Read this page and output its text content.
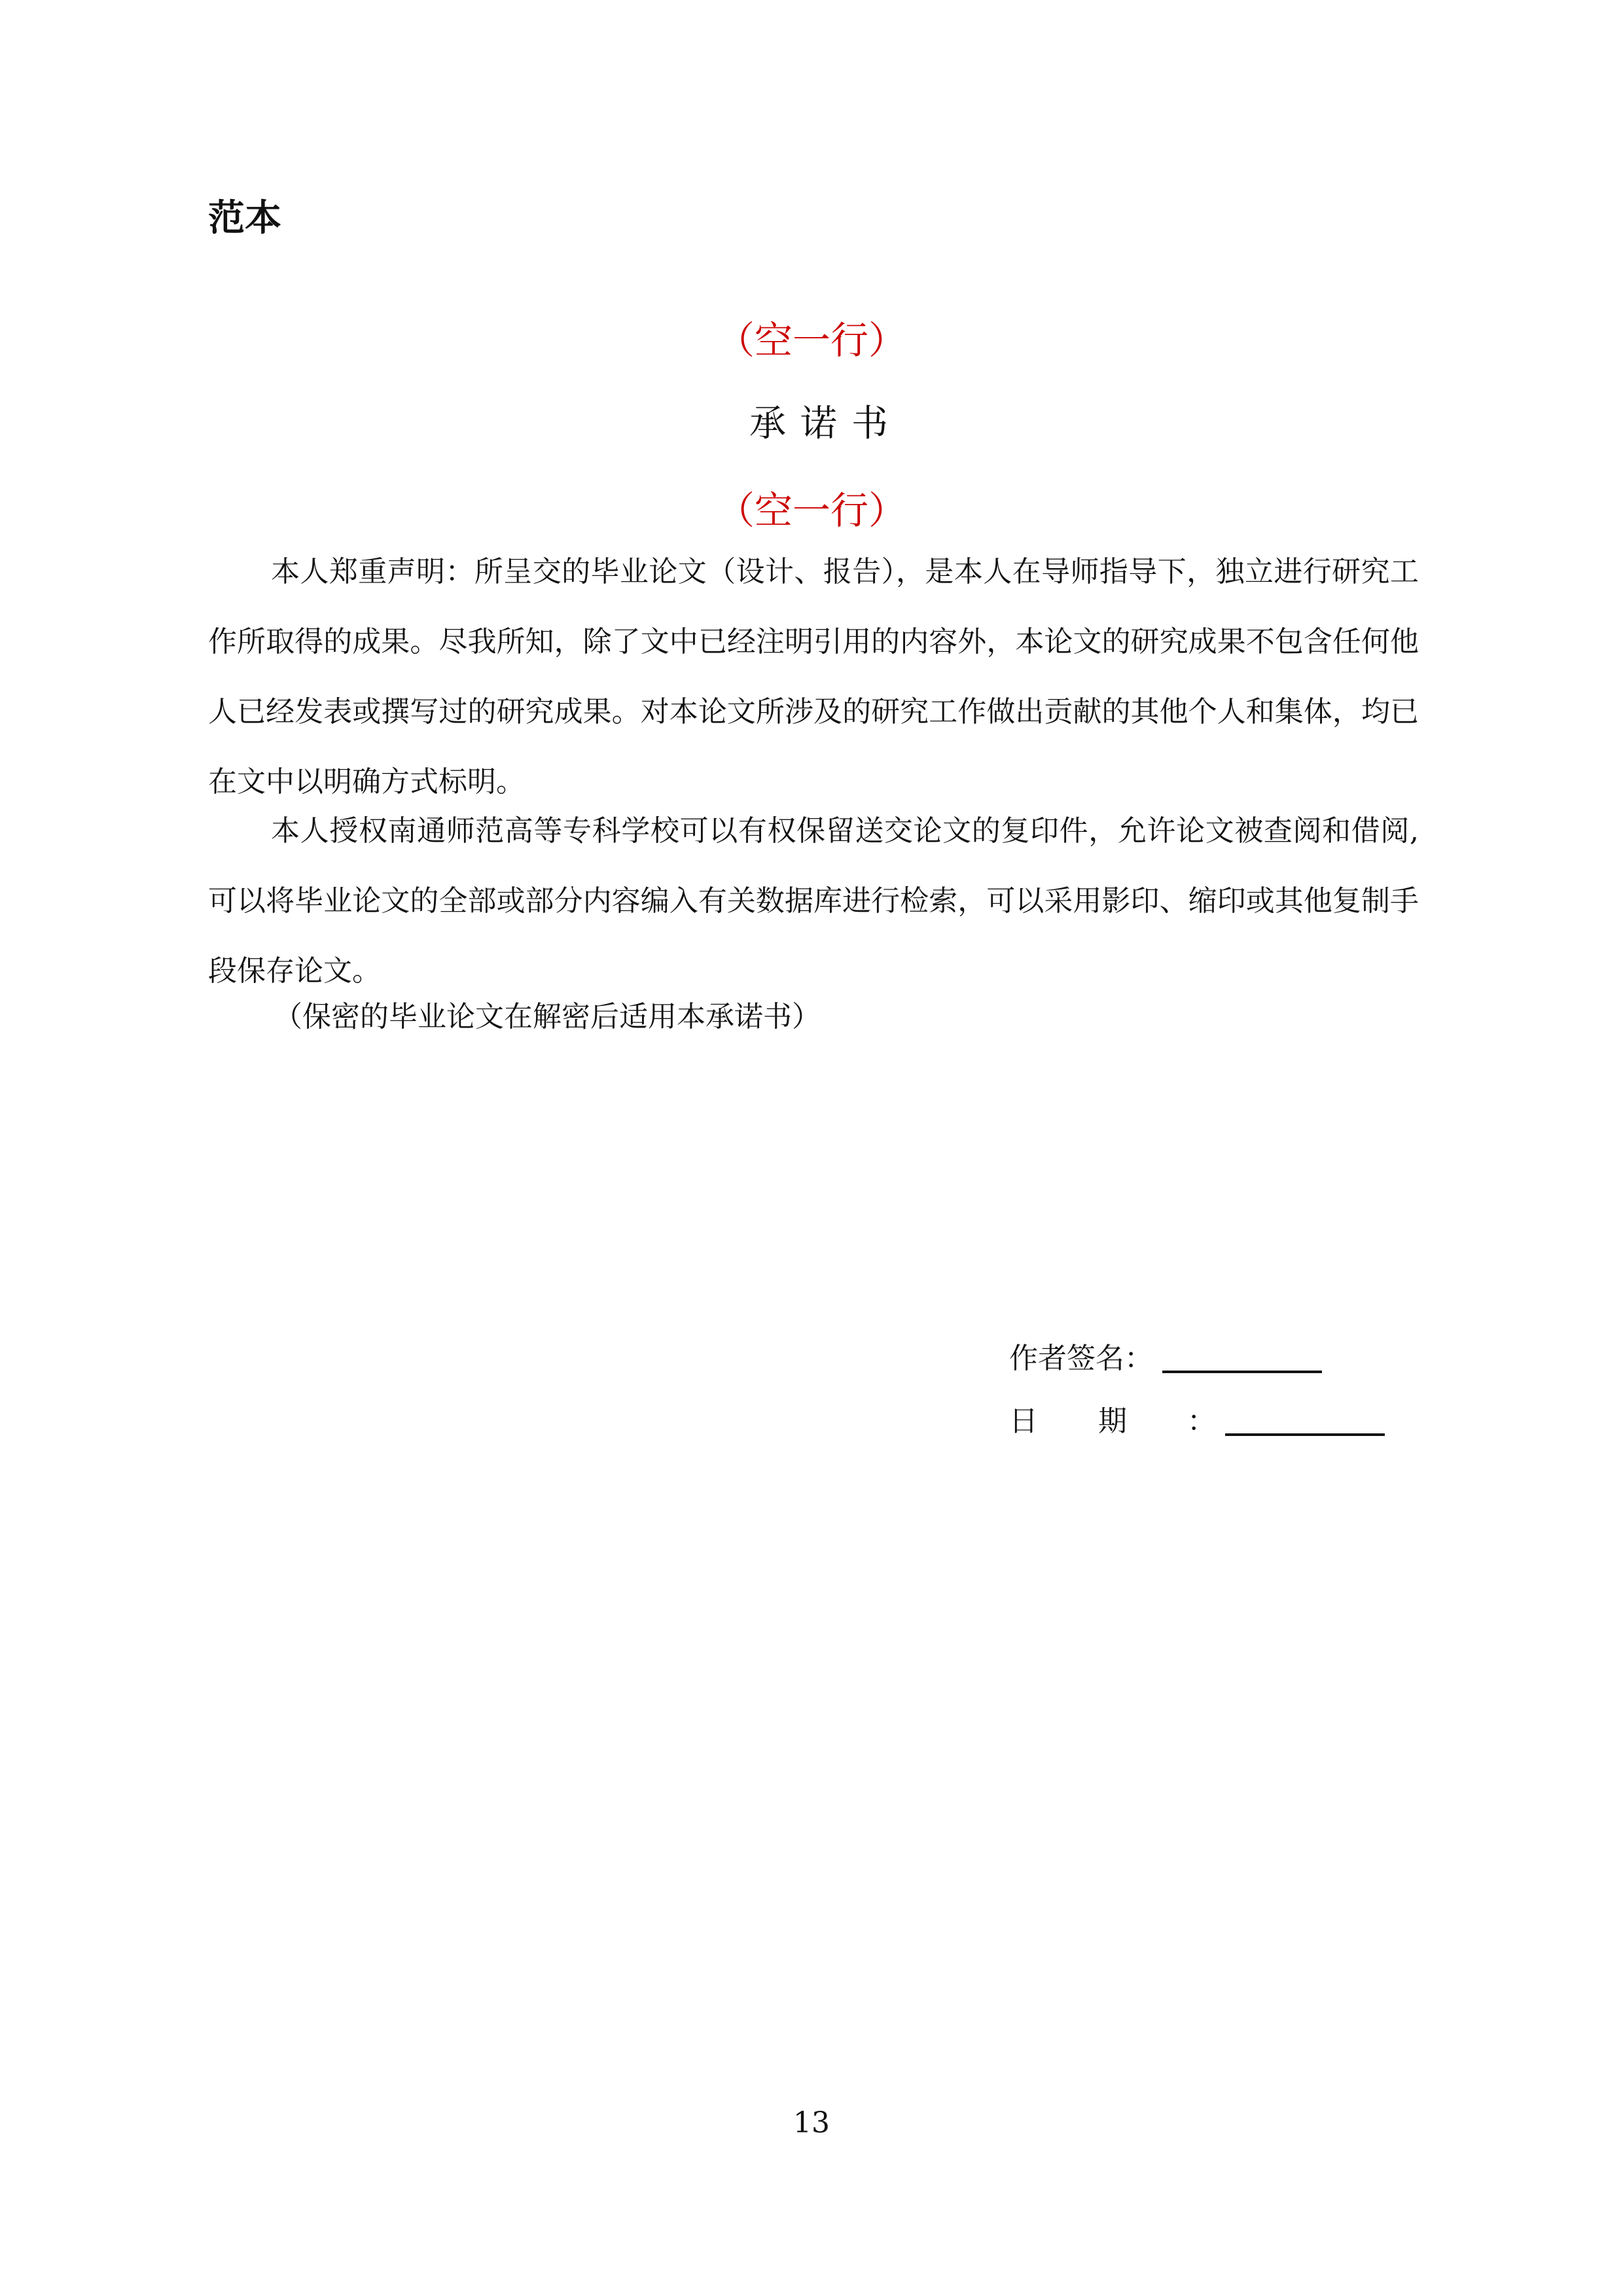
范本
（空一行）
承诺书
（空一行）

本人郑重声明：所呈交的毕业论文（设计、报告），是本人在导师指导下，独立进行研究工作所取得的成果。尽我所知，除了文中已经注明引用的内容外，本论文的研究成果不包含任何他人已经发表或撰写过的研究成果。对本论文所涉及的研究工作做出贡献的其他个人和集体，均已在文中以明确方式标明。

本人授权南通师范高等专科学校可以有权保留送交论文的复印件，允许论文被查阅和借阅,可以将毕业论文的全部或部分内容编入有关数据库进行检索，可以采用影印、缩印或其他复制手段保存论文。

（保密的毕业论文在解密后适用本承诺书）

作者签名：
日期 ：
13
